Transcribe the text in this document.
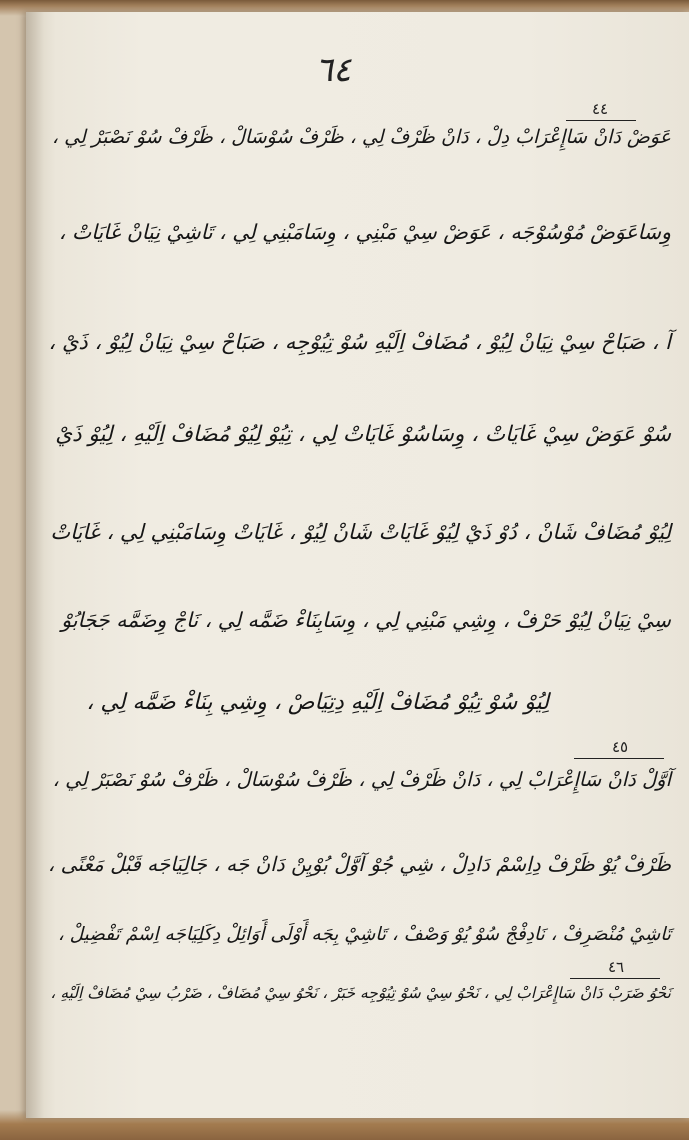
٦٤
٤٤
عَوَضْ دَانْ سَاإِعْرَابْ دِلْ ، دَانْ ظَرْفْ لِي ، ظَرْفْ سُوْسَالْ ، ظَرْفْ سُوْ نَصْبَرْ لِي ،
وِسَاعَوَضْ مُوْسُوْجَه ، عَوَضْ سِيْ مَبْنِي ، وِسَامَبْنِي لِي ، تَاشِيْ نِيَانْ غَايَاتْ ،
آ ، صَبَاحْ سِيْ نِيَانْ لِيُوْ ، مُضَافْ اِلَيْهِ سُوْ تِيُوْجِه ، صَبَاحْ سِيْ نِيَانْ لِيُوْ ، ذَيْ ،
سُوْ عَوَضْ سِيْ غَايَاتْ ، وِسَاسُوْ غَايَاتْ لِي ، تِيُوْ لِيُوْ مُضَافْ اِلَيْهِ ، لِيُوْ ذَيْ
لِيُوْ مُضَافْ شَانْ ، دُوْ ذَيْ لِيُوْ غَايَاتْ شَانْ لِيُوْ ، غَايَاتْ وِسَامَبْنِي لِي ، غَايَاتْ
سِيْ نِيَانْ لِيُوْ حَرْفْ ، وِشِي مَبْنِي لِي ، وِسَابِنَاءْ ضَمَّه لِي ، نَاجْ وِضَمَّه جَجَابُوْ
لِيُوْ سُوْ تِيُوْ مُضَافْ اِلَيْهِ دِتِيَاصْ ، وِشِي بِنَاءْ ضَمَّه لِي ،
٤٥
آوَّلْ دَانْ سَاإِعْرَابْ لِي ، دَانْ ظَرْفْ لِي ، ظَرْفْ سُوْسَالْ ، ظَرْفْ سُوْ نَصْبَرْ لِي ،
ظَرْفْ يُوْ ظَرْفْ دِاِسْمْ دَادِلْ ، شِي جُوْ آوَّلْ بُوْيِنْ دَانْ جَه ، جَالِيَاجَه قَبْلْ مَعْنًى ،
تَاشِيْ مُنْصَرِفْ ، نَادِفْجْ سُوْ يُوْ وَصْفْ ، تَاشِيْ بِجَه أَوْلَى أَوَائِلْ دِكَلِيَاجَه اِسْمْ تَفْضِيلْ ،
٤٦
نَحْوُ ضَرَبْ دَانْ سَاإِعْرَابْ لِي ، نَحْوُ سِيْ سُوْ تِيُوْجِه خَبَرْ ، نَحْوُ سِيْ مُضَافْ ، ضَرْبُ سِيْ مُضَافْ اِلَيْهِ ،
